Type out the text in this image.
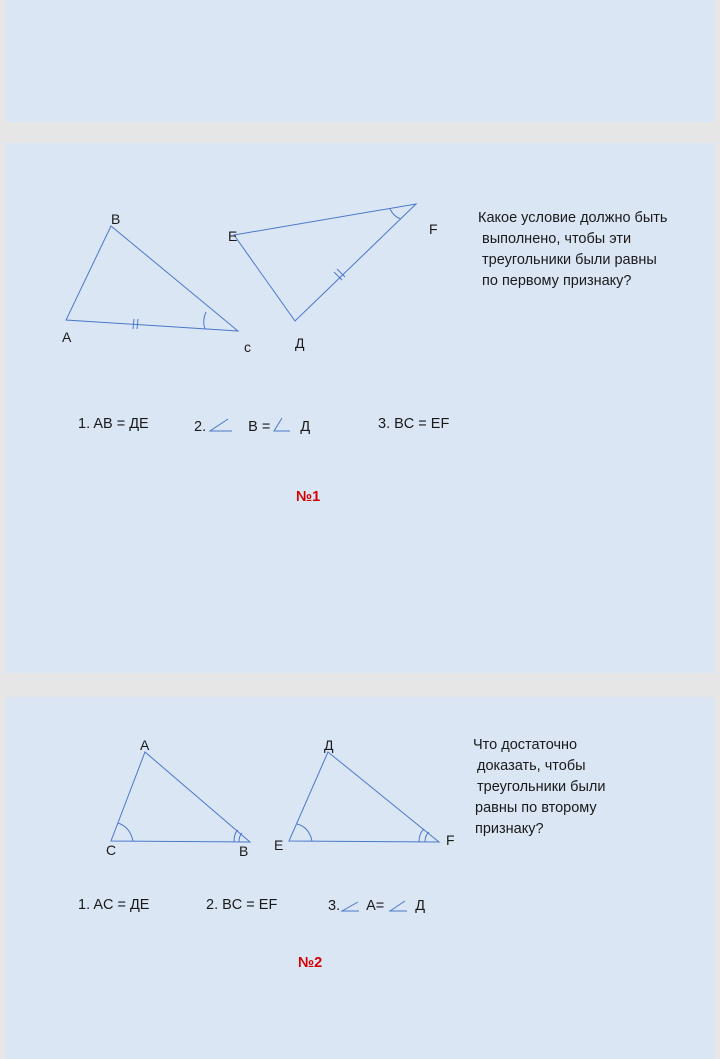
B
A
c
E	F
Д
Какое условие должно быть
выполнено, чтобы эти
треугольники были равны
по первому признаку?
1. AB = ДE	2.	B = Д	3. BC = EF
№1
A
C	B
Д
E	F
Что достаточно
доказать, чтобы
треугольники были
равны по второму
признаку?
1. AC = ДE	2. BC = EF	3. A= Д
№2
